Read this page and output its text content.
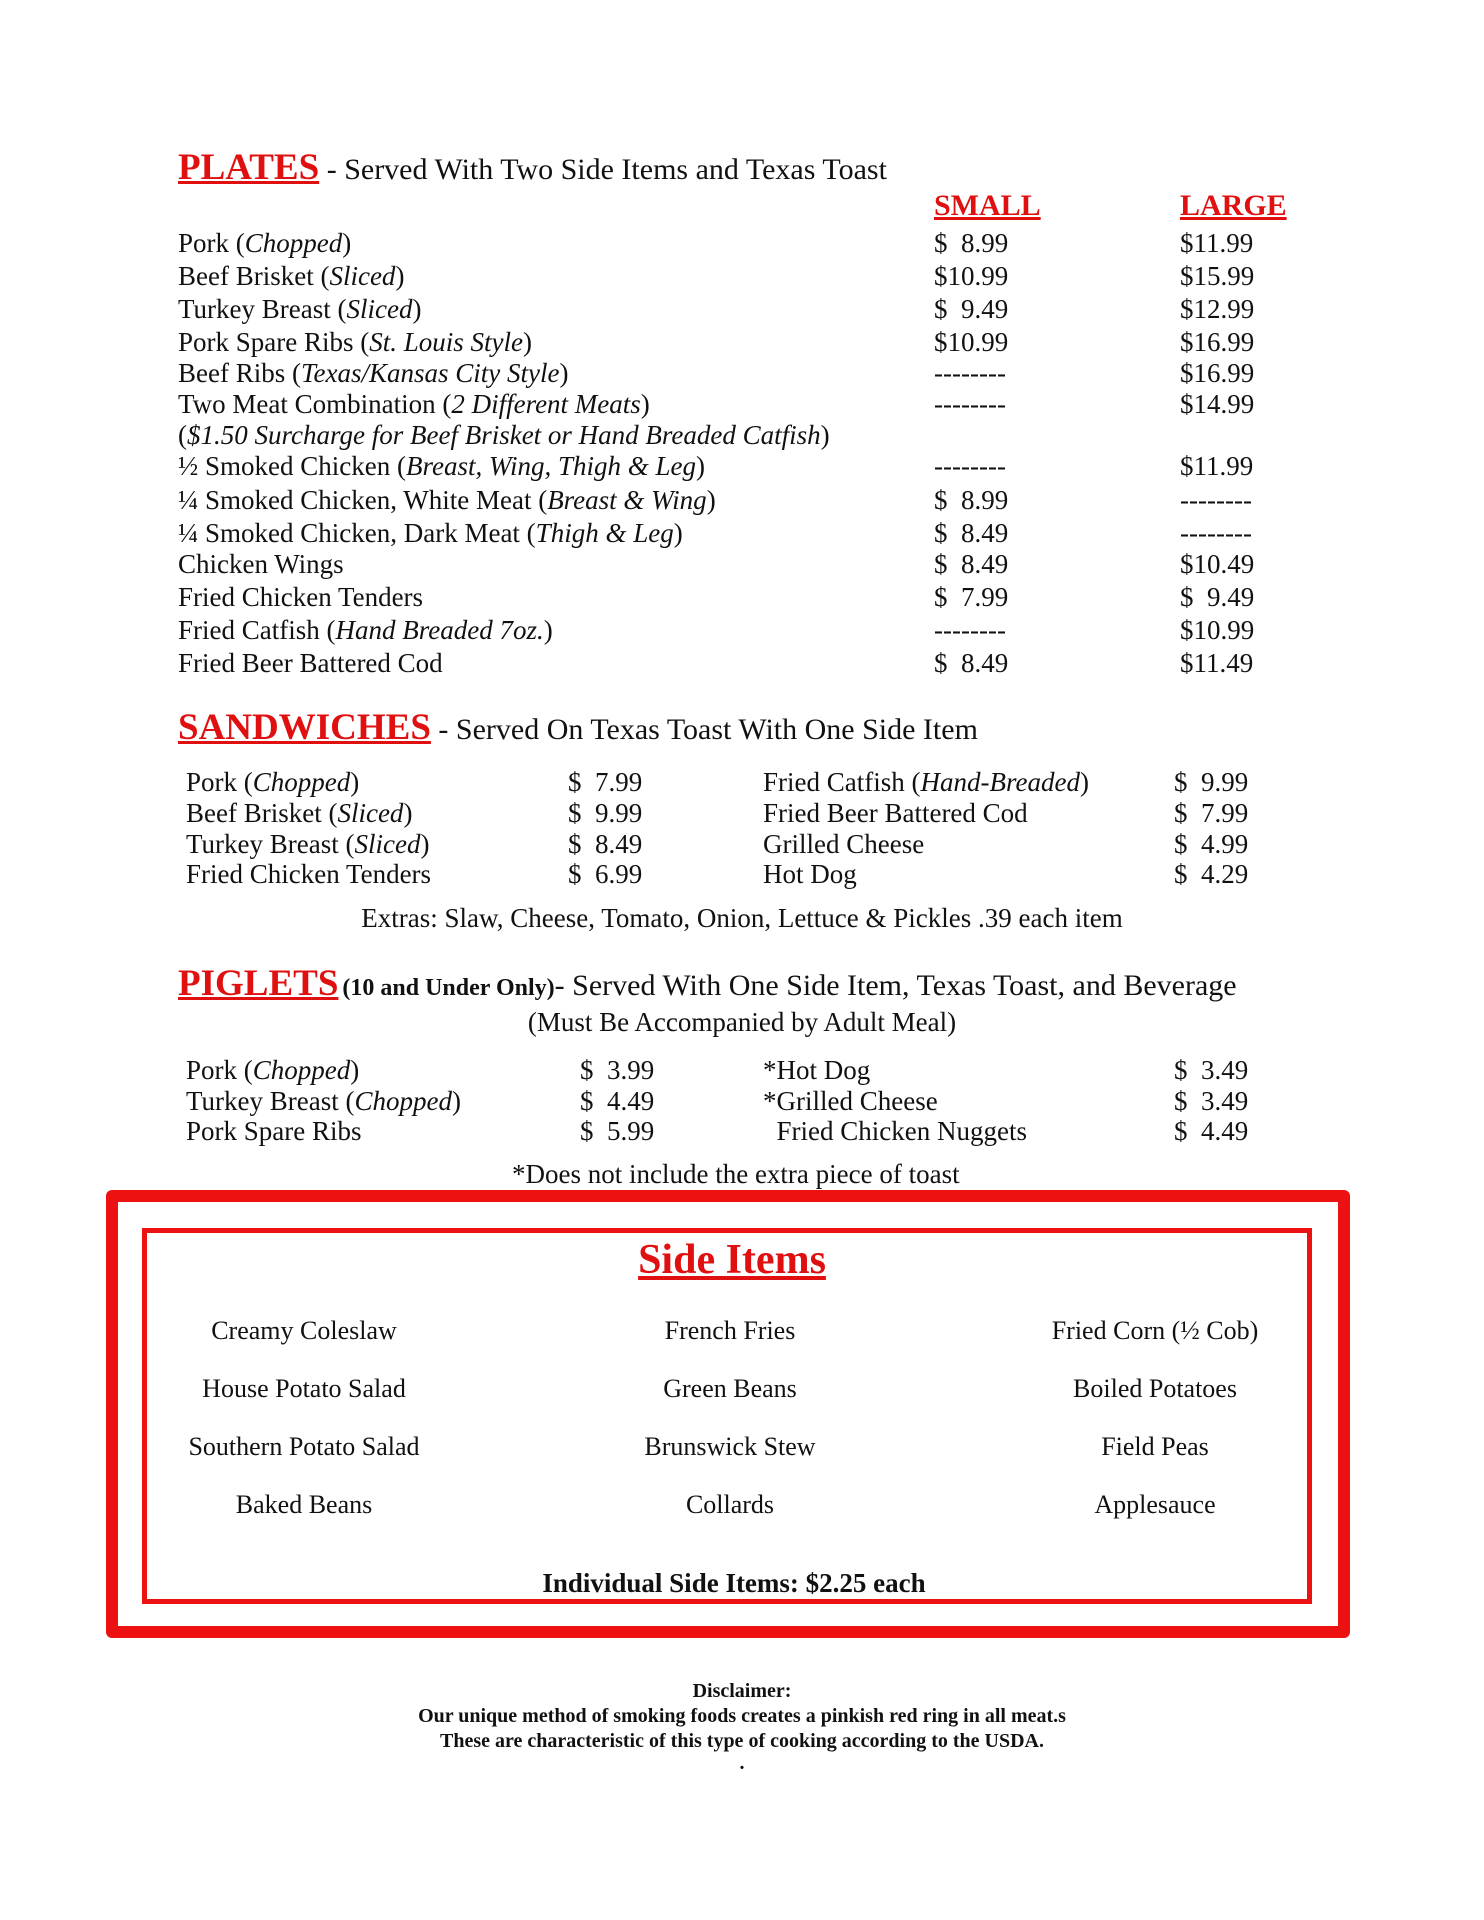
PLATES - Served With Two Side Items and Texas Toast
SMALL	LARGE
SANDWICHES - Served On Texas Toast With One Side Item
Extras: Slaw, Cheese, Tomato, Onion, Lettuce & Pickles .39 each item
PIGLETS (10 and Under Only)- Served With One Side Item, Texas Toast, and Beverage
(Must Be Accompanied by Adult Meal)
*Does not include the extra piece of toast
Side Items
Individual Side Items: $2.25 each
Disclaimer:
Our unique method of smoking foods creates a pinkish red ring in all meat.s
These are characteristic of this type of cooking according to the USDA.
.
Pork (Chopped)	$  8.99	$11.99
Beef Brisket (Sliced)	$10.99	$15.99
Turkey Breast (Sliced)	$  9.49	$12.99
Pork Spare Ribs (St. Louis Style)	$10.99	$16.99
Beef Ribs (Texas/Kansas City Style)	--------	$16.99
Two Meat Combination (2 Different Meats)	--------	$14.99
($1.50 Surcharge for Beef Brisket or Hand Breaded Catfish)
½ Smoked Chicken (Breast, Wing, Thigh & Leg)	--------	$11.99
¼ Smoked Chicken, White Meat (Breast & Wing)	$  8.99	--------
¼ Smoked Chicken, Dark Meat (Thigh & Leg)	$  8.49	--------
Chicken Wings	$  8.49	$10.49
Fried Chicken Tenders	$  7.99	$  9.49
Fried Catfish (Hand Breaded 7oz.)	--------	$10.99
Fried Beer Battered Cod	$  8.49	$11.49
Pork (Chopped)	$  7.99
Beef Brisket (Sliced)	$  9.99
Turkey Breast (Sliced)	$  8.49
Fried Chicken Tenders	$  6.99
Fried Catfish (Hand-Breaded)	$  9.99
Fried Beer Battered Cod	$  7.99
Grilled Cheese	$  4.99
Hot Dog	$  4.29
Pork (Chopped)	$  3.99
Turkey Breast (Chopped)	$  4.49
Pork Spare Ribs	$  5.99
*Hot Dog	$  3.49
*Grilled Cheese	$  3.49
Fried Chicken Nuggets	$  4.49
Creamy Coleslaw
House Potato Salad
Southern Potato Salad
Baked Beans
French Fries
Green Beans
Brunswick Stew
Collards
Fried Corn (½ Cob)
Boiled Potatoes
Field Peas
Applesauce
